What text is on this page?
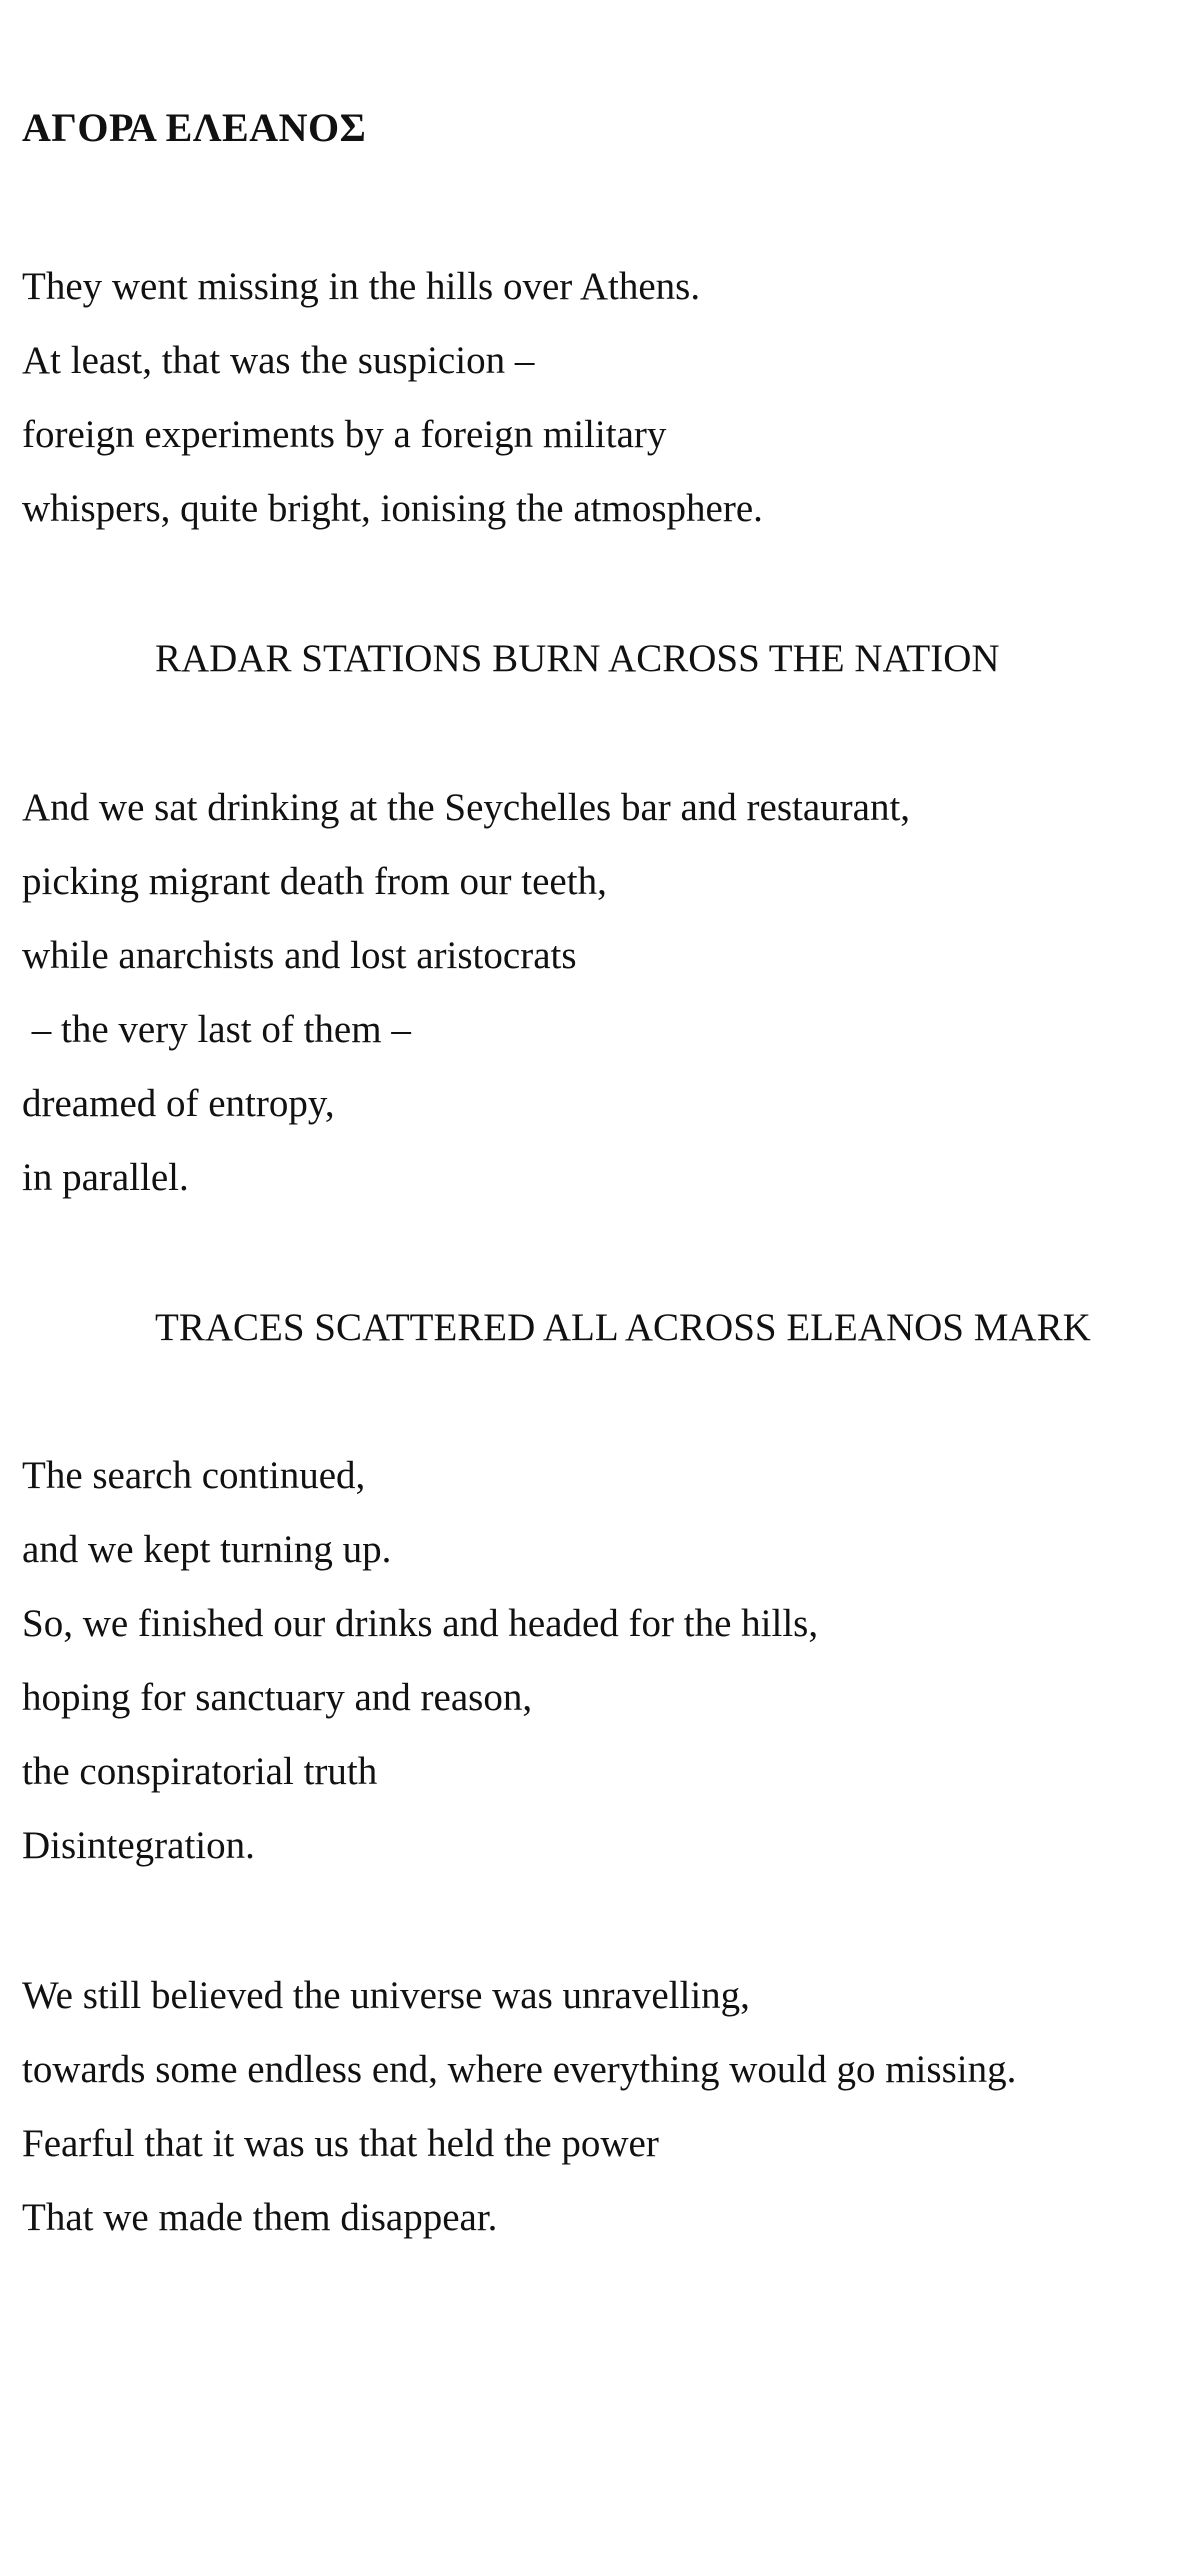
ΑΓΟΡΑ ΕΛΕΑΝΟΣ
They went missing in the hills over Athens.
At least, that was the suspicion –
foreign experiments by a foreign military
whispers, quite bright, ionising the atmosphere.
RADAR STATIONS BURN ACROSS THE NATION
And we sat drinking at the Seychelles bar and restaurant,
picking migrant death from our teeth,
while anarchists and lost aristocrats
– the very last of them –
dreamed of entropy,
in parallel.
TRACES SCATTERED ALL ACROSS ELEANOS MARK
The search continued,
and we kept turning up.
So, we finished our drinks and headed for the hills,
hoping for sanctuary and reason,
the conspiratorial truth
Disintegration.
We still believed the universe was unravelling,
towards some endless end, where everything would go missing.
Fearful that it was us that held the power
That we made them disappear.
